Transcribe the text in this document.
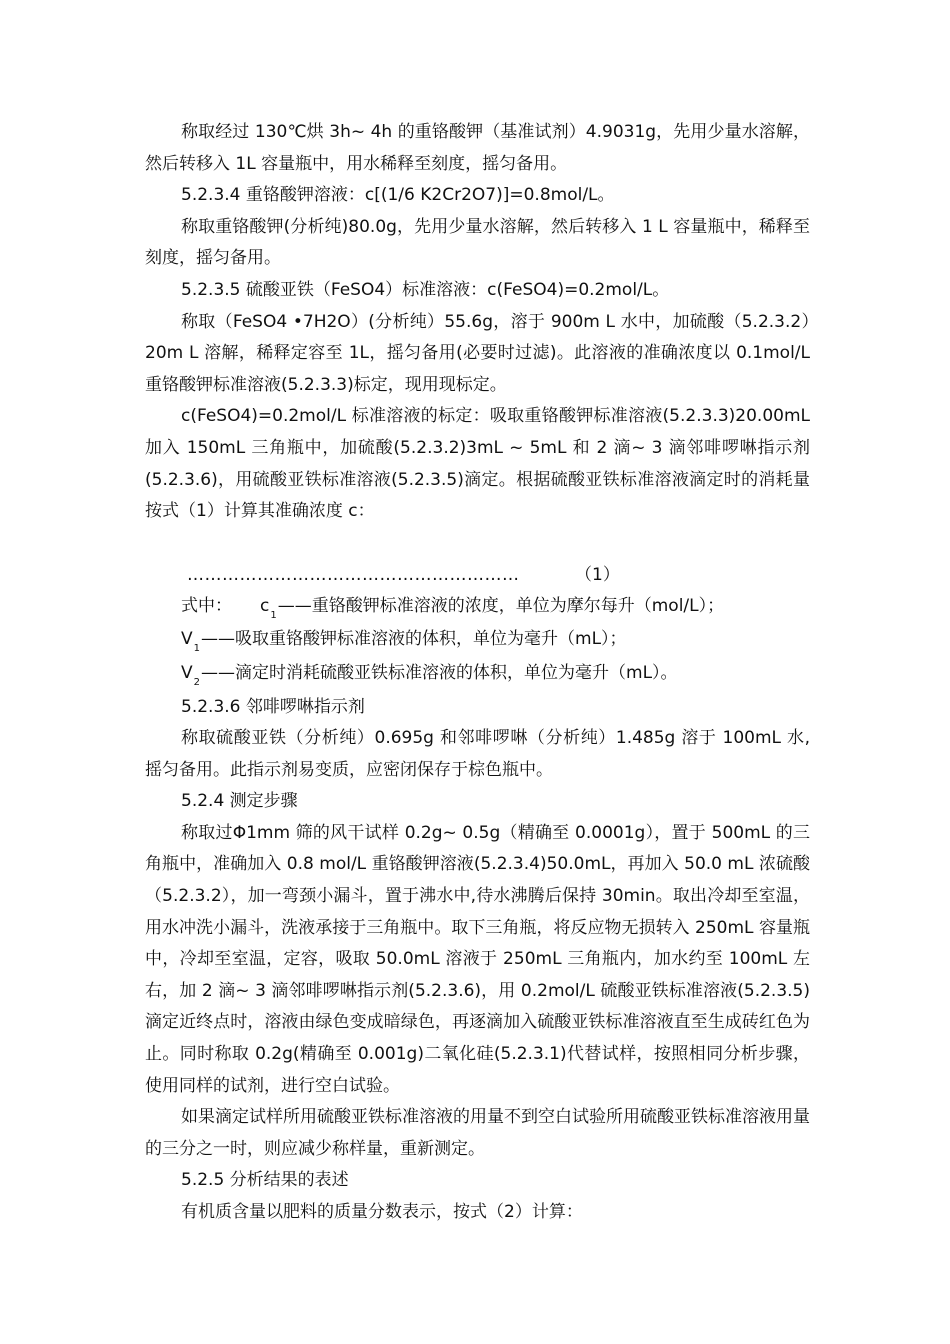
称取经过 130℃烘 3h~ 4h 的重铬酸钾（基准试剂）4.9031g，先用少量水溶解，然后转移入 1L 容量瓶中，用水稀释至刻度，摇匀备用。

5.2.3.4 重铬酸钾溶液：c[(1/6 K2Cr2O7)]=0.8mol/L。

称取重铬酸钾(分析纯)80.0g，先用少量水溶解，然后转移入 1 L 容量瓶中，稀释至刻度，摇匀备用。

5.2.3.5 硫酸亚铁（FeSO4）标准溶液：c(FeSO4)=0.2mol/L。

称取（FeSO4 •7H2O）(分析纯）55.6g，溶于 900m L 水中，加硫酸（5.2.3.2）20m L 溶解，稀释定容至 1L，摇匀备用(必要时过滤)。此溶液的准确浓度以 0.1mol/L 重铬酸钾标准溶液(5.2.3.3)标定，现用现标定。

c(FeSO4)=0.2mol/L 标准溶液的标定：吸取重铬酸钾标准溶液(5.2.3.3)20.00mL 加入 150mL 三角瓶中，加硫酸(5.2.3.2)3mL ~ 5mL 和 2 滴~ 3 滴邻啡啰啉指示剂(5.2.3.6)，用硫酸亚铁标准溶液(5.2.3.5)滴定。根据硫酸亚铁标准溶液滴定时的消耗量按式（1）计算其准确浓度 c：

…………………………………………………	（1）
式中： $c_1——$重铬酸钾标准溶液的浓度，单位为摩尔每升（mol/L）；
$V_1——$吸取重铬酸钾标准溶液的体积，单位为毫升（mL）；
$V_2——$滴定时消耗硫酸亚铁标准溶液的体积，单位为毫升（mL）。

5.2.3.6 邻啡啰啉指示剂

称取硫酸亚铁（分析纯）0.695g 和邻啡啰啉（分析纯）1.485g 溶于 100mL 水,摇匀备用。此指示剂易变质，应密闭保存于棕色瓶中。

5.2.4 测定步骤

称取过Φ1mm 筛的风干试样 0.2g~ 0.5g（精确至 0.0001g），置于 500mL 的三角瓶中，准确加入 0.8 mol/L 重铬酸钾溶液(5.2.3.4)50.0mL，再加入 50.0 mL 浓硫酸（5.2.3.2），加一弯颈小漏斗，置于沸水中,待水沸腾后保持 30min。取出冷却至室温，用水冲洗小漏斗，洗液承接于三角瓶中。取下三角瓶，将反应物无损转入 250mL 容量瓶中，冷却至室温，定容，吸取 50.0mL 溶液于 250mL 三角瓶内，加水约至 100mL 左右，加 2 滴~ 3 滴邻啡啰啉指示剂(5.2.3.6)，用 0.2mol/L 硫酸亚铁标准溶液(5.2.3.5)滴定近终点时，溶液由绿色变成暗绿色，再逐滴加入硫酸亚铁标准溶液直至生成砖红色为止。同时称取 0.2g(精确至 0.001g)二氧化硅(5.2.3.1)代替试样，按照相同分析步骤，使用同样的试剂，进行空白试验。

如果滴定试样所用硫酸亚铁标准溶液的用量不到空白试验所用硫酸亚铁标准溶液用量的三分之一时，则应减少称样量，重新测定。

5.2.5 分析结果的表述

有机质含量以肥料的质量分数表示，按式（2）计算：
